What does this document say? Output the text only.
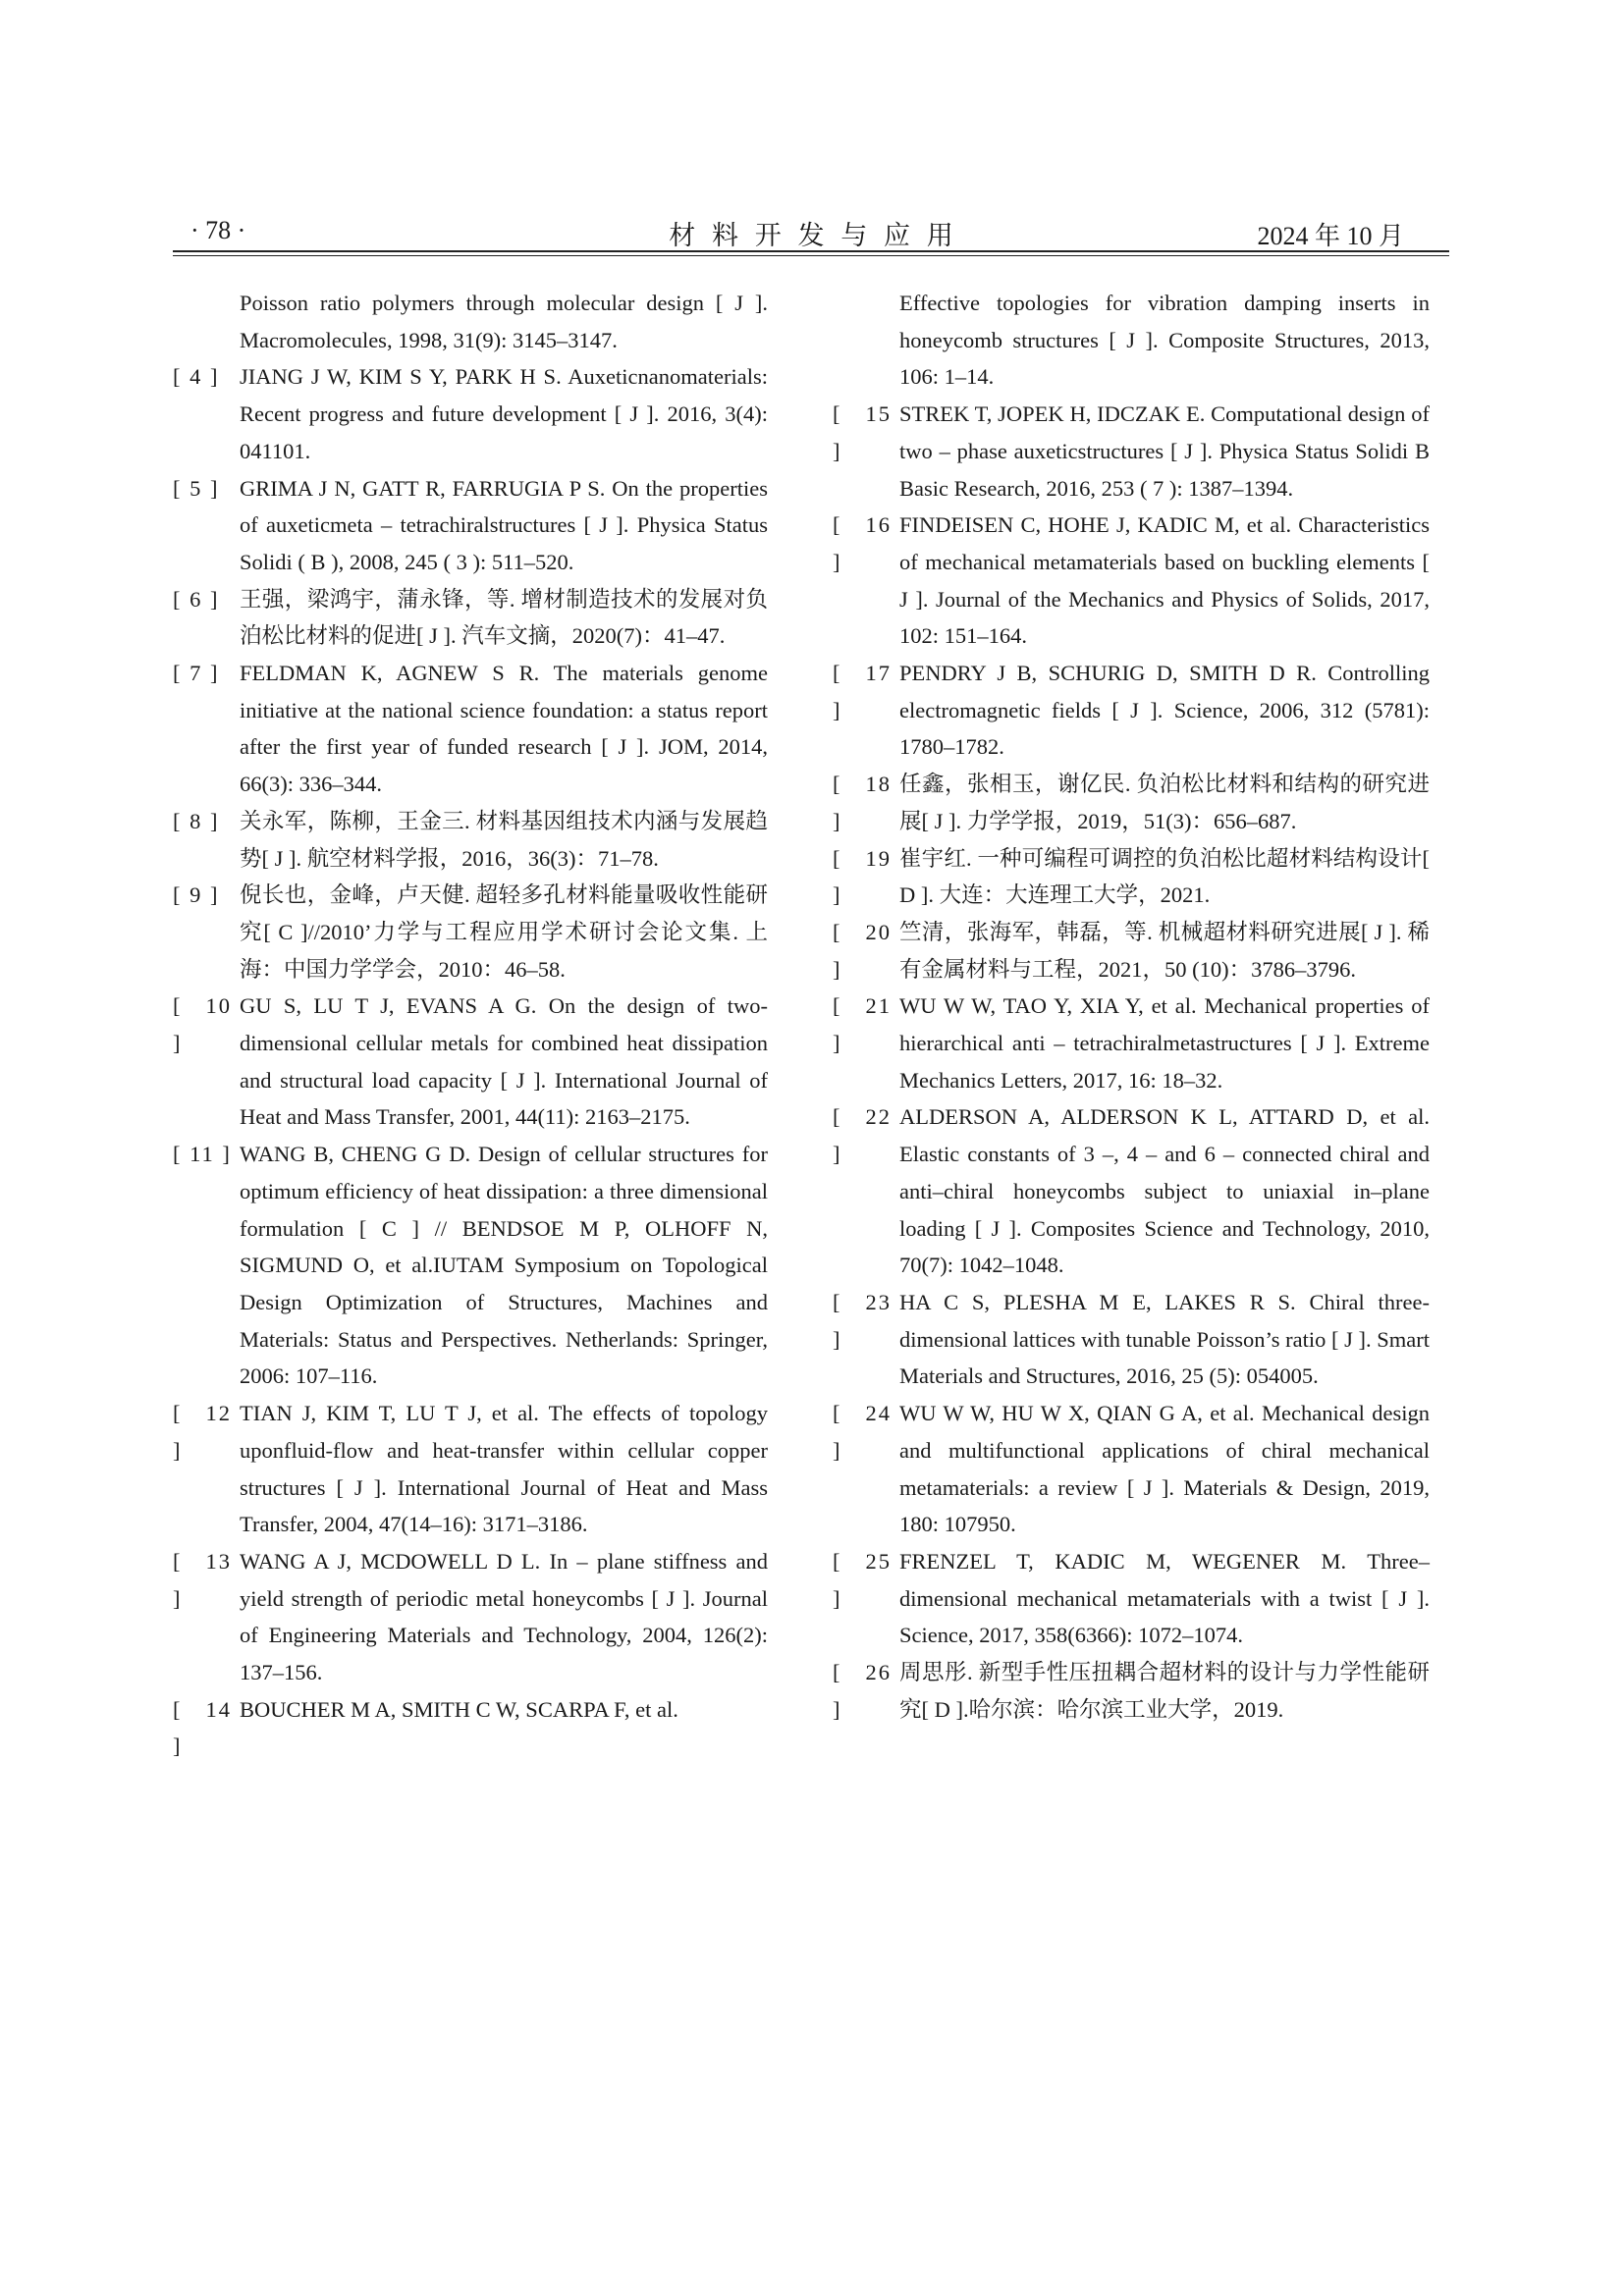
· 78 ·	材料开发与应用	2024 年 10 月
Poisson ratio polymers through molecular design [ J ]. Macromolecules, 1998, 31(9): 3145–3147.
[ 4 ] JIANG J W, KIM S Y, PARK H S. Auxeticnanomaterials: Recent progress and future development [ J ]. 2016, 3(4): 041101.
[ 5 ] GRIMA J N, GATT R, FARRUGIA P S. On the properties of auxeticmeta – tetrachiralstructures [ J ]. Physica Status Solidi ( B ), 2008, 245 ( 3 ): 511–520.
[ 6 ] 王强，梁鸿宇，蒲永锋，等. 增材制造技术的发展对负泊松比材料的促进[ J ]. 汽车文摘，2020(7)：41–47.
[ 7 ] FELDMAN K, AGNEW S R. The materials genome initiative at the national science foundation: a status report after the first year of funded research [ J ]. JOM, 2014, 66(3): 336–344.
[ 8 ] 关永军，陈柳，王金三. 材料基因组技术内涵与发展趋势[ J ]. 航空材料学报，2016，36(3)：71–78.
[ 9 ] 倪长也，金峰，卢天健. 超轻多孔材料能量吸收性能研究[ C ]//2010’力学与工程应用学术研讨会论文集. 上海：中国力学学会，2010：46–58.
[ 10 ]
GU S, LU T J, EVANS A G. On the design of two-dimensional cellular metals for combined heat dissipation and structural load capacity [ J ]. International Journal of Heat and Mass Transfer, 2001, 44(11): 2163–2175.
[ 11 ] WANG B, CHENG G D. Design of cellular structures for optimum efficiency of heat dissipation: a three dimensional formulation [ C ] // BENDSOE M P, OLHOFF N, SIGMUND O, et al.IUTAM Symposium on Topological Design Optimization of Structures, Machines and Materials: Status and Perspectives. Netherlands: Springer, 2006: 107–116.
[ 12 ]
TIAN J, KIM T, LU T J, et al. The effects of topology uponfluid-flow and heat-transfer within cellular copper structures [ J ]. International Journal of Heat and Mass Transfer, 2004, 47(14–16): 3171–3186.
[ 13 ]
WANG A J, MCDOWELL D L. In – plane stiffness and yield strength of periodic metal honeycombs [ J ]. Journal of Engineering Materials and Technology, 2004, 126(2): 137–156.
[ 14 ]
BOUCHER M A, SMITH C W, SCARPA F, et al.
Effective topologies for vibration damping inserts in honeycomb structures [ J ]. Composite Structures, 2013, 106: 1–14.
[ 15 ]
STREK T, JOPEK H, IDCZAK E. Computational design of two – phase auxeticstructures [ J ]. Physica Status Solidi B Basic Research, 2016, 253 ( 7 ): 1387–1394.
[ 16 ]
FINDEISEN C, HOHE J, KADIC M, et al. Characteristics of mechanical metamaterials based on buckling elements [ J ]. Journal of the Mechanics and Physics of Solids, 2017, 102: 151–164.
[ 17 ]
PENDRY J B, SCHURIG D, SMITH D R. Controlling electromagnetic fields [ J ]. Science, 2006, 312 (5781): 1780–1782.
[ 18 ]
任鑫，张相玉，谢亿民. 负泊松比材料和结构的研究进展[ J ]. 力学学报，2019，51(3)：656–687.
[ 19 ]
崔宇红. 一种可编程可调控的负泊松比超材料结构设计[ D ]. 大连：大连理工大学，2021.
[ 20 ]
竺清，张海军，韩磊，等. 机械超材料研究进展[ J ]. 稀有金属材料与工程，2021，50 (10)：3786–3796.
[ 21 ]
WU W W, TAO Y, XIA Y, et al. Mechanical properties of hierarchical anti – tetrachiralmetastructures [ J ]. Extreme Mechanics Letters, 2017, 16: 18–32.
[ 22 ]
ALDERSON A, ALDERSON K L, ATTARD D, et al. Elastic constants of 3 –, 4 – and 6 – connected chiral and anti–chiral honeycombs subject to uniaxial in–plane loading [ J ]. Composites Science and Technology, 2010, 70(7): 1042–1048.
[ 23 ]
HA C S, PLESHA M E, LAKES R S. Chiral three-dimensional lattices with tunable Poisson’s ratio [ J ]. Smart Materials and Structures, 2016, 25 (5): 054005.
[ 24 ]
WU W W, HU W X, QIAN G A, et al. Mechanical design and multifunctional applications of chiral mechanical metamaterials: a review [ J ]. Materials & Design, 2019, 180: 107950.
[ 25 ]
FRENZEL T, KADIC M, WEGENER M. Three–dimensional mechanical metamaterials with a twist [ J ]. Science, 2017, 358(6366): 1072–1074.
[ 26 ]
周思彤. 新型手性压扭耦合超材料的设计与力学性能研究[ D ].哈尔滨：哈尔滨工业大学，2019.
